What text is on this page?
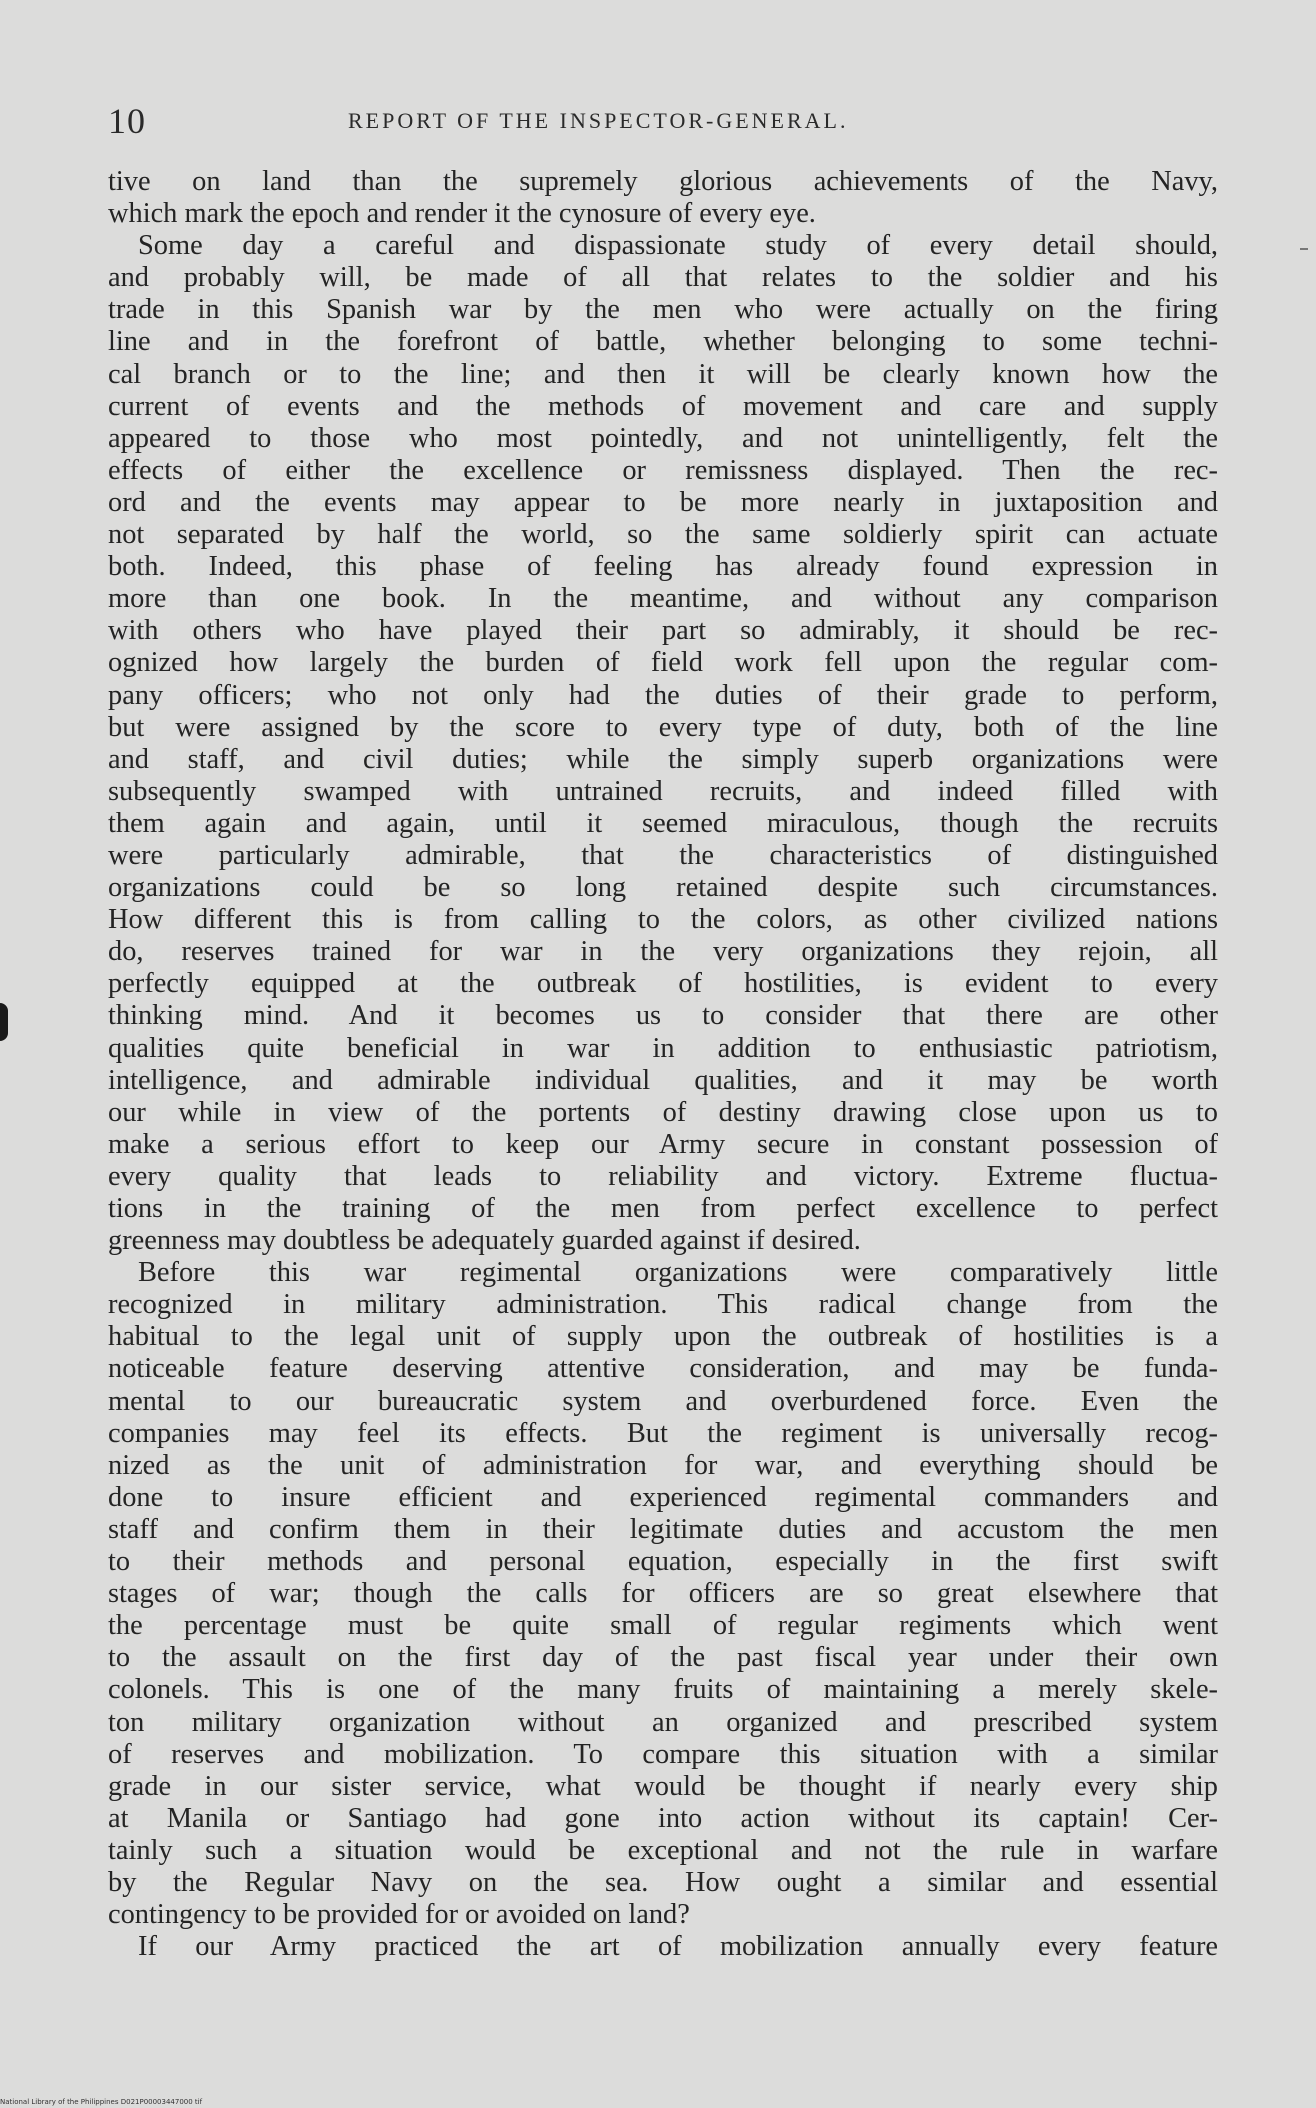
10	REPORT OF THE INSPECTOR-GENERAL.
tive on land than the supremely glorious achievements of the Navy,
which mark the epoch and render it the cynosure of every eye.
Some day a careful and dispassionate study of every detail should,
and probably will, be made of all that relates to the soldier and his
trade in this Spanish war by the men who were actually on the firing
line and in the forefront of battle, whether belonging to some techni-
cal branch or to the line; and then it will be clearly known how the
current of events and the methods of movement and care and supply
appeared to those who most pointedly, and not unintelligently, felt the
effects of either the excellence or remissness displayed. Then the rec-
ord and the events may appear to be more nearly in juxtaposition and
not separated by half the world, so the same soldierly spirit can actuate
both. Indeed, this phase of feeling has already found expression in
more than one book. In the meantime, and without any comparison
with others who have played their part so admirably, it should be rec-
ognized how largely the burden of field work fell upon the regular com-
pany officers; who not only had the duties of their grade to perform,
but were assigned by the score to every type of duty, both of the line
and staff, and civil duties; while the simply superb organizations were
subsequently swamped with untrained recruits, and indeed filled with
them again and again, until it seemed miraculous, though the recruits
were particularly admirable, that the characteristics of distinguished
organizations could be so long retained despite such circumstances.
How different this is from calling to the colors, as other civilized nations
do, reserves trained for war in the very organizations they rejoin, all
perfectly equipped at the outbreak of hostilities, is evident to every
thinking mind. And it becomes us to consider that there are other
qualities quite beneficial in war in addition to enthusiastic patriotism,
intelligence, and admirable individual qualities, and it may be worth
our while in view of the portents of destiny drawing close upon us to
make a serious effort to keep our Army secure in constant possession of
every quality that leads to reliability and victory. Extreme fluctua-
tions in the training of the men from perfect excellence to perfect
greenness may doubtless be adequately guarded against if desired.
Before this war regimental organizations were comparatively little
recognized in military administration. This radical change from the
habitual to the legal unit of supply upon the outbreak of hostilities is a
noticeable feature deserving attentive consideration, and may be funda-
mental to our bureaucratic system and overburdened force. Even the
companies may feel its effects. But the regiment is universally recog-
nized as the unit of administration for war, and everything should be
done to insure efficient and experienced regimental commanders and
staff and confirm them in their legitimate duties and accustom the men
to their methods and personal equation, especially in the first swift
stages of war; though the calls for officers are so great elsewhere that
the percentage must be quite small of regular regiments which went
to the assault on the first day of the past fiscal year under their own
colonels. This is one of the many fruits of maintaining a merely skele-
ton military organization without an organized and prescribed system
of reserves and mobilization. To compare this situation with a similar
grade in our sister service, what would be thought if nearly every ship
at Manila or Santiago had gone into action without its captain! Cer-
tainly such a situation would be exceptional and not the rule in warfare
by the Regular Navy on the sea. How ought a similar and essential
contingency to be provided for or avoided on land?
If our Army practiced the art of mobilization annually every feature
National Library of the Philippines D021P00003447000 tif
